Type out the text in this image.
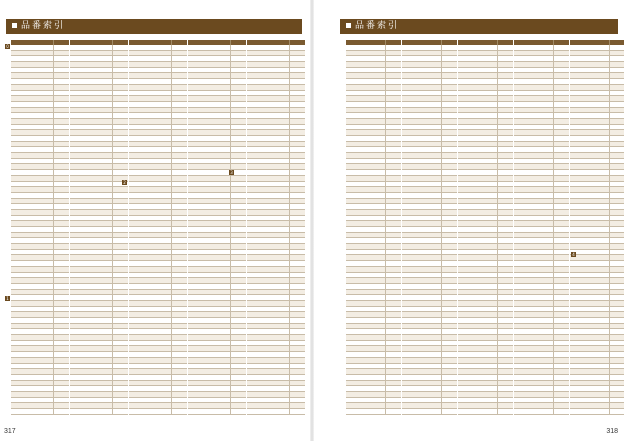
品番索引
317
0
1
2
3
品番索引
318
4
